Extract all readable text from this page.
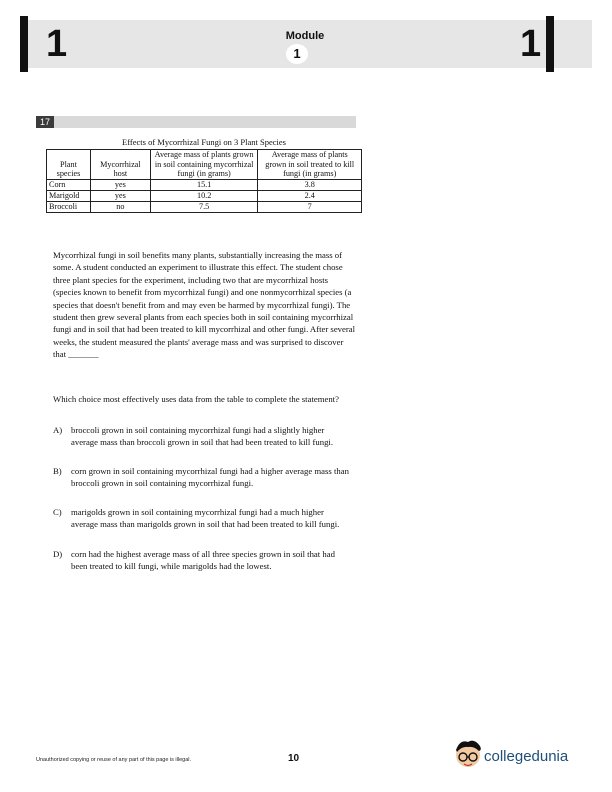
1	Module
1	1
17
Effects of Mycorrhizal Fungi on 3 Plant Species
Plant species	Mycorrhizal host	Average mass of plants grown in soil containing mycorrhizal fungi (in grams)	Average mass of plants grown in soil treated to kill fungi (in grams)
Corn	yes	15.1	3.8
Marigold	yes	10.2	2.4
Broccoli	no	7.5	7

Mycorrhizal fungi in soil benefits many plants, substantially increasing the mass of some. A student conducted an experiment to illustrate this effect. The student chose three plant species for the experiment, including two that are mycorrhizal hosts (species known to benefit from mycorrhizal fungi) and one nonmycorrhizal species (a species that doesn't benefit from and may even be harmed by mycorrhizal fungi). The student then grew several plants from each species both in soil containing mycorrhizal fungi and in soil that had been treated to kill mycorrhizal and other fungi. After several weeks, the student measured the plants' average mass and was surprised to discover that _______

Which choice most effectively uses data from the table to complete the statement?

A) broccoli grown in soil containing mycorrhizal fungi had a slightly higher average mass than broccoli grown in soil that had been treated to kill fungi.
B) corn grown in soil containing mycorrhizal fungi had a higher average mass than broccoli grown in soil containing mycorrhizal fungi.
C) marigolds grown in soil containing mycorrhizal fungi had a much higher average mass than marigolds grown in soil that had been treated to kill fungi.
D) corn had the highest average mass of all three species grown in soil that had been treated to kill fungi, while marigolds had the lowest.
Unauthorized copying or reuse of any part of this page is illegal.	10	collegedunia
